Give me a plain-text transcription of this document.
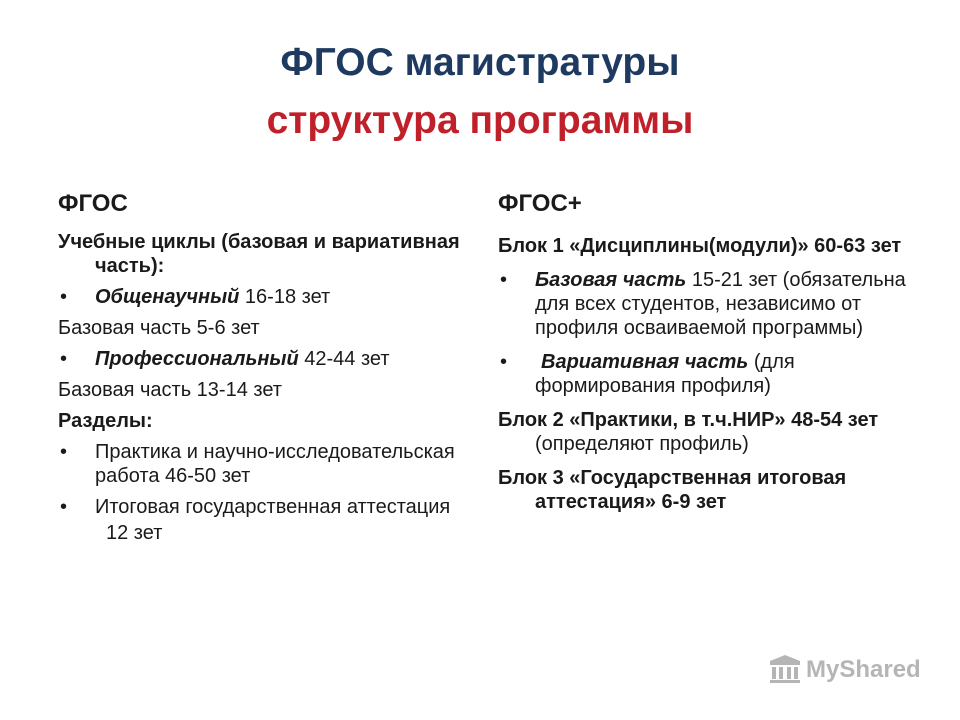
ФГОС магистратуры
структура программы
ФГОС
Учебные циклы (базовая и вариативная часть):
• Общенаучный 16-18 зет
Базовая часть 5-6 зет
• Профессиональный 42-44 зет
Базовая часть 13-14 зет
Разделы:
• Практика и научно-исследовательская работа 46-50 зет
• Итоговая государственная аттестация
12 зет
ФГОС+
Блок 1 «Дисциплины(модули)» 60-63 зет
• Базовая часть 15-21 зет (обязательна для всех студентов, независимо от профиля осваиваемой программы)
• Вариативная часть (для формирования профиля)
Блок 2 «Практики, в т.ч.НИР» 48-54 зет (определяют профиль)
Блок 3 «Государственная итоговая аттестация» 6-9 зет
MyShared
